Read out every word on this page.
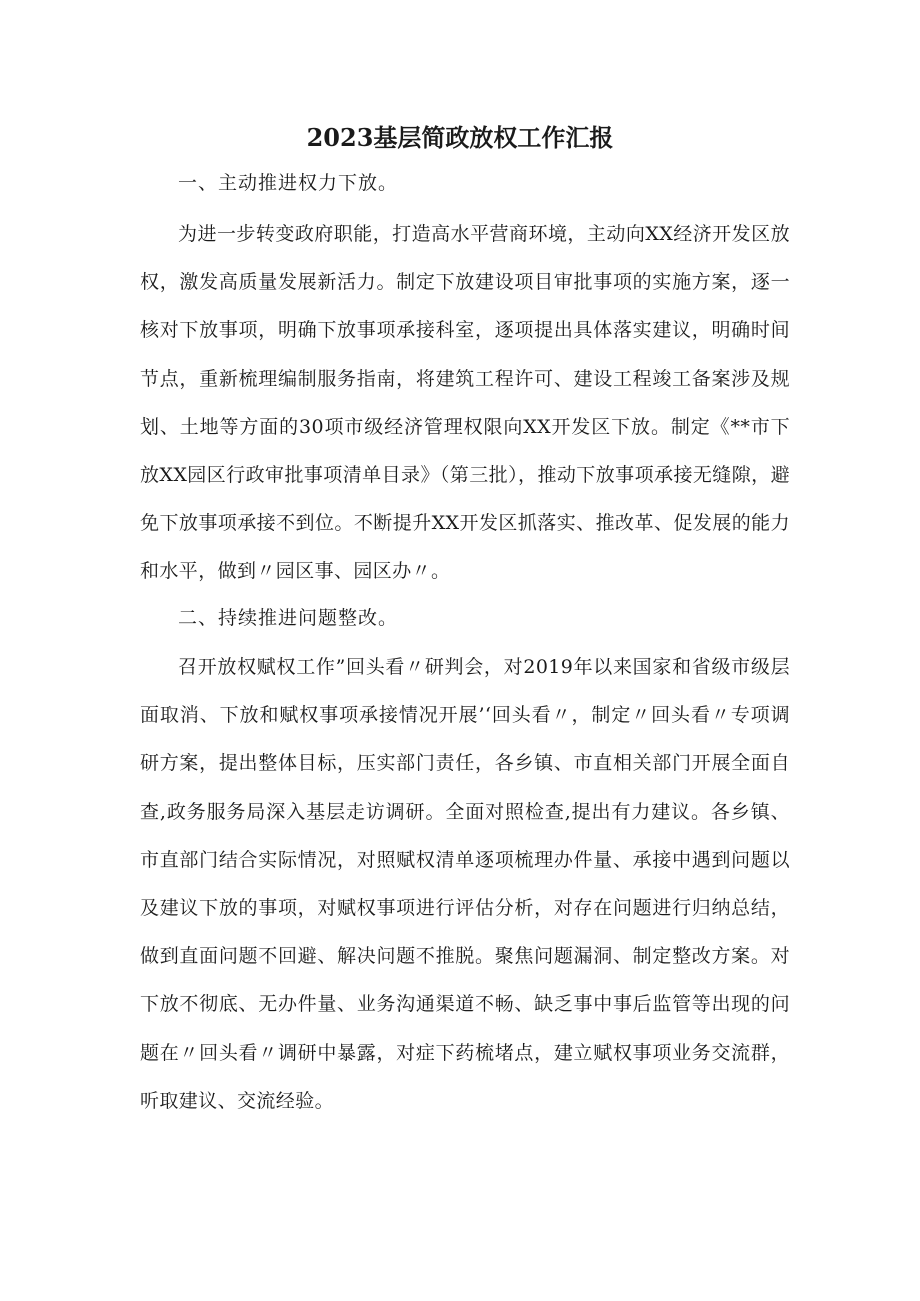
2023基层简政放权工作汇报

一、主动推进权力下放。

为进一步转变政府职能，打造高水平营商环境，主动向XX经济开发区放权，激发高质量发展新活力。制定下放建设项目审批事项的实施方案，逐一核对下放事项，明确下放事项承接科室，逐项提出具体落实建议，明确时间节点，重新梳理编制服务指南，将建筑工程许可、建设工程竣工备案涉及规划、土地等方面的30项市级经济管理权限向XX开发区下放。制定《**市下放XX园区行政审批事项清单目录》（第三批），推动下放事项承接无缝隙，避免下放事项承接不到位。不断提升XX开发区抓落实、推改革、促发展的能力和水平，做到〃园区事、园区办〃。

二、持续推进问题整改。

召开放权赋权工作”回头看〃研判会，对2019年以来国家和省级市级层面取消、下放和赋权事项承接情况开展’‘回头看〃，制定〃回头看〃专项调研方案，提出整体目标，压实部门责任，各乡镇、市直相关部门开展全面自查,政务服务局深入基层走访调研。全面对照检查,提出有力建议。各乡镇、市直部门结合实际情况，对照赋权清单逐项梳理办件量、承接中遇到问题以及建议下放的事项，对赋权事项进行评估分析，对存在问题进行归纳总结，做到直面问题不回避、解决问题不推脱。聚焦问题漏洞、制定整改方案。对下放不彻底、无办件量、业务沟通渠道不畅、缺乏事中事后监管等出现的问题在〃回头看〃调研中暴露，对症下药梳堵点，建立赋权事项业务交流群，听取建议、交流经验。
